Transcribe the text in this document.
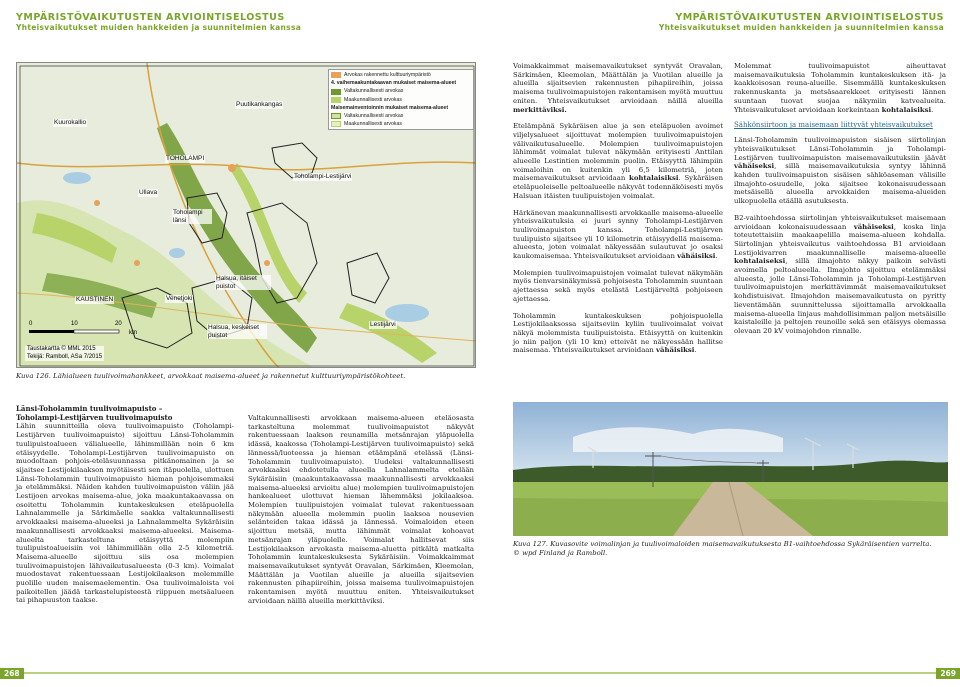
YMPÄRISTÖVAIKUTUSTEN ARVIOINTISELOSTUS
Yhteisvaikutukset muiden hankkeiden ja suunnitelmien kanssa
YMPÄRISTÖVAIKUTUSTEN ARVIOINTISELOSTUS
Yhteisvaikutukset muiden hankkeiden ja suunnitelmien kanssa
Kuurokallio
Puutikankangas
TOHOLAMPI
Toholampi-Lestijärvi
Ullava
Toholampi länsi
Halsua, itäiset puistot
Venetjoki
KAUSTINEN
Halsua, keskeiset puistot
Lestijärvi
Arvokas rakennettu kulttuuriympäristö
4. vaihemaakuntakaavan mukaiset maisema-alueet
Valtakunnallisesti arvokas
Maakunnallisesti arvokas
Maisemainventoinnin mukaiset maisema-alueet
Valtakunnallisesti arvokas
Maakunnallisesti arvokas
0	10	20
km
Taustakartta © MML 2015
Tekijä: Ramboll, ASa 7/2015
Kuva 126. Lähialueen tuulivoimahankkeet, arvokkaat maisema-alueet ja rakennetut kulttuuriympäristökohteet.
Länsi-Toholammin tuulivoimapuisto –
Toholampi-Lestijärven tuulivoimapuisto

Lähin suunnitteilla oleva tuulivoimapuisto (Toholampi-Lestijärven tuulivoimapuisto) sijoittuu Länsi-Toholammin tuulipuistoalueen välialueelle, lähimmillään noin 6 km etäisyydelle. Toholampi-Lestijärven tuulivoimapuisto on muodoltaan pohjois-eteläsuunnassa pitkänomainen ja se sijaitsee Lestijokilaakson myötäisesti sen itäpuolella, ulottuen Länsi-Toholammin tuulivoimapuisto hieman pohjoisemmaksi ja etelämmäksi. Näiden kahden tuulivoimapuiston väliin jää Lestijoen arvokas maisema-alue, joka maakuntakaavassa on osoitettu Toholammin kuntakeskuksen eteläpuolella Lahnalammelle ja Särkimäelle saakka valtakunnallisesti arvokkaaksi maisema-alueeksi ja Lahnalammelta Sykäräisiin maakunnallisesti arvokkaaksi maisema-alueeksi. Maisema-alueelta tarkasteltuna etäisyyttä molempiin tuulipuistoalueisiin voi lähimmillään olla 2-5 kilometriä. Maisema-alueelle sijoittuu siis osa molempien tuulivoimapuistojen lähivaikutusalueesta (0-3 km). Voimalat muodostavat rakentuessaan Lestijokilaakson molemmille puolille uuden maisemaelementin. Osa tuulivoimaloista voi paikoitellen jäädä tarkastelupisteestä riippuen metsäalueen tai pihapuuston taakse.

Valtakunnallisesti arvokkaan maisema-alueen eteläosasta tarkasteltuna molemmat tuulivoimapuistot näkyvät rakentuessaan laakson reunamilla metsänrajan yläpuolella idässä, kaakossa (Toholampi-Lestijärven tuulivoimapuisto) sekä lännessä/luoteessa ja hieman etäämpänä etelässä (Länsi-Toholammin tuulivoimapuisto). Uudeksi valtakunnallisesti arvokkaaksi ehdotetulla alueella Lahnalammelta etelään Sykäräisiin (maakuntakaavassa maakunnallisesti arvokkaaksi maisema-alueeksi arvioitu alue) molempien tuulivoimapuistojen hankealueet ulottuvat hieman lähemmäksi jokilaaksoa. Molempien tuulipuistojen voimalat tulevat rakentuessaan näkymään alueella molemmin puolin laaksoa nousevien selänteiden takaa idässä ja lännessä. Voimaloiden eteen sijoittuu metsää, mutta lähimmät voimalat kohoavat metsänrajan yläpuolelle. Voimalat hallitsevat siis Lestijokilaakson arvokasta maisema-aluetta pitkältä matkalta Toholammin kuntakeskuksesta Sykäräisiin. Voimakkaimmat maisemavaikutukset syntyvät Oravalan, Särkimäen, Kleemolan, Määttälän ja Vuotilan alueille ja alueilla sijaitsevien rakennusten pihapiireihin, joissa maisema tuulivoimapuistojen rakentamisen myötä muuttuu eniten. Yhteisvaikutukset arvioidaan näillä alueilla merkittäviksi.

Voimakkaimmat maisemavaikutukset syntyvät Oravalan, Särkimäen, Kleemolan, Määttälän ja Vuotilan alueille ja alueilla sijaitsevien rakennusten pihapiireihin, joissa maisema tuulivoimapuistojen rakentamisen myötä muuttuu eniten. Yhteisvaikutukset arvioidaan näillä alueilla merkittäviksi.

Etelämpänä Sykäräisen alue ja sen eteläpuolen avoimet viljelysalueet sijoittuvat molempien tuulivoimapuistojen välivaikutusalueelle. Molempien tuulivoimapuistojen lähimmät voimalat tulevat näkymään erityisesti Anttilan alueelle Lestintien molemmin puolin. Etäisyyttä lähimpiin voimaloihin on kuitenkin yli 6,5 kilometriä, joten maisemavaikutukset arvioidaan kohtalaisiksi. Sykäräisen eteläpuoleiselle peltoalueelle näkyvät todennäköisesti myös Halsuan itäisten tuulipuistojen voimalat.

Härkänevan maakunnallisesti arvokkaalle maisema-alueelle yhteisvaikutuksia ei juuri synny Toholampi-Lestijärven tuulivoimapuiston kanssa. Toholampi-Lestijärven tuulipuisto sijaitsee yli 10 kilometrin etäisyydellä maisema-alueesta, joten voimalat näkyessään sulautuvat jo osaksi kaukomaisemaa. Yhteisvaikutukset arvioidaan vähäisiksi.

Molempien tuulivoimapuistojen voimalat tulevat näkymään myös tienvarsinäkymissä pohjoisesta Toholammin suuntaan ajettaessa sekä myös etelästä Lestijärveltä pohjoiseen ajettaessa.

Toholammin kuntakeskuksen pohjoispuolella Lestijokilaaksossa sijaitseviin kyliin tuulivoimalat voivat näkyä molemmista tuulipuistoista. Etäisyyttä on kuitenkin jo niin paljon (yli 10 km) etteivät ne näkyessään hallitse maisemaa. Yhteisvaikutukset arvioidaan vähäisiksi.

Molemmat tuulivoimapuistot aiheuttavat maisemavaikutuksia Toholammin kuntakeskuksen itä- ja kaakkoisosan reuna-alueille. Sisemmällä kuntakeskuksen rakennuskanta ja metsäsaarekkeet erityisesti lännen suuntaan tuovat suojaa näkymiin katvealueita. Yhteisvaikutukset arvioidaan korkeintaan kohtalaisiksi.

Sähkönsiirtoon ja maisemaan liittyvät yhteisvaikutukset

Länsi-Toholammin tuulivoimapuiston sisäisen siirtolinjan yhteisvaikutukset Länsi-Toholammin ja Toholampi-Lestijärven tuulivoimapuiston maisemavaikutuksiin jäävät vähäiseksi, sillä maisemavaikutuksia syntyy lähinnä kahden tuulivoimapuiston sisäisen sähköaseman välisille ilmajohto-osuudelle, joka sijaitsee kokonaisuudessaan metsäisellä alueella arvokkaiden maisema-alueiden ulkopuolella etäällä asutuksesta.

B2-vaihtoehdossa siirtolinjan yhteisvaikutukset maisemaan arvioidaan kokonaisuudessaan vähäiseksi, koska linja toteutettaisiin maakaapelilla maisema-alueen kohdalla. Siirtolinjan yhteisvaikutus vaihtoehdossa B1 arvioidaan Lestijokivarren maakunnalliselle maisema-alueelle kohtalaiseksi, sillä ilmajohto näkyy paikoin selvästi avoimella peltoalueella. Ilmajohto sijoittuu etelämmäksi alueesta, jolle Länsi-Toholammin ja Toholampi-Lestijärven tuulivoimapuistojen merkittävimmät maisemavaikutukset kohdistuisivat. Ilmajohdon maisemavaikutusta on pyritty lieventämään suunnittelussa sijoittamalla arvokkaalla maisema-alueella linjaus mahdollisimman paljon metsäisille kaistaleille ja peltojen reunoille sekä sen etäisyys olemassa olevaan 20 kV voimajohdon rinnalle.

Kuva 127. Kuvasovite voimalinjan ja tuulivoimaloiden maisemavaikutuksesta B1-vaihtoehdossa Sykäräisentien varrelta.
© wpd Finland ja Ramboll.
268	269
